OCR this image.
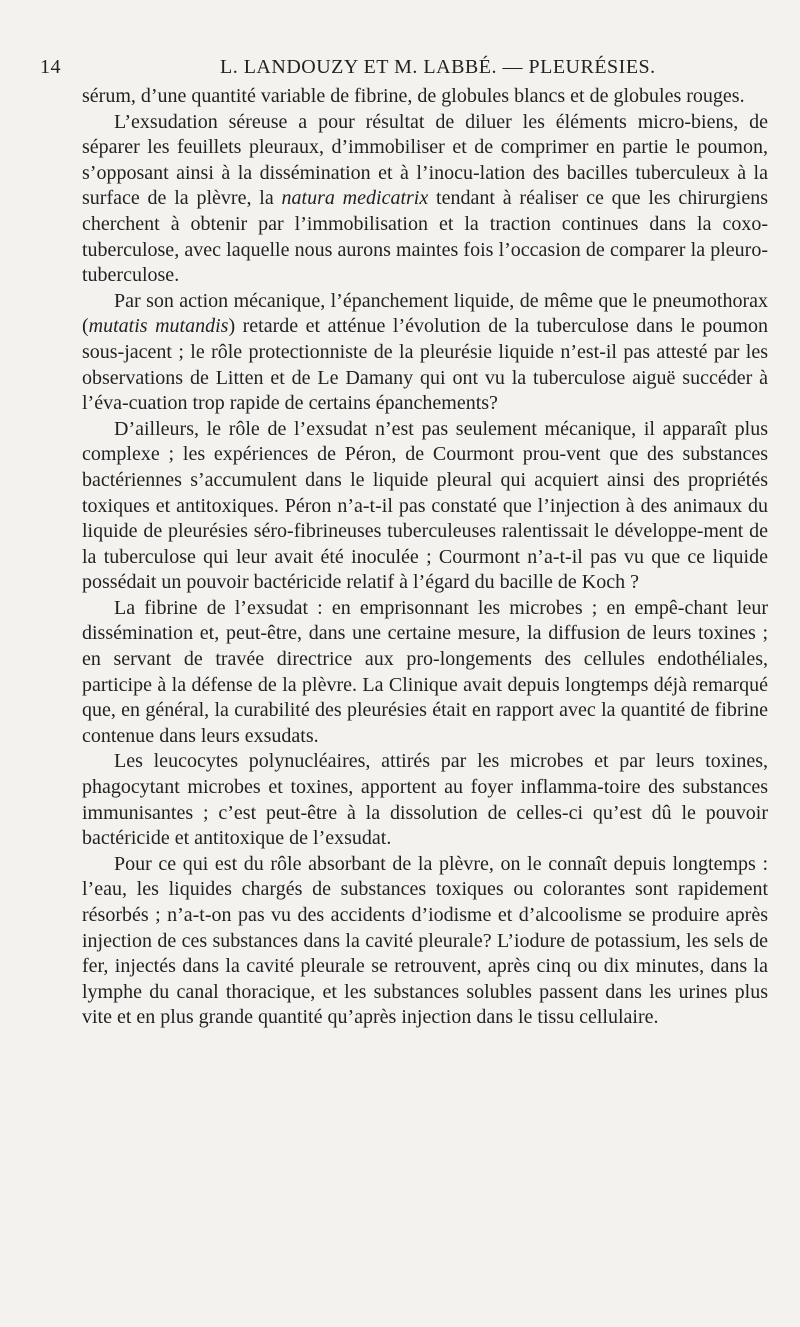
14	L. LANDOUZY ET M. LABBÉ. — PLEURÉSIES.

sérum, d’une quantité variable de fibrine, de globules blancs et de globules rouges.

L’exsudation séreuse a pour résultat de diluer les éléments micro-biens, de séparer les feuillets pleuraux, d’immobiliser et de comprimer en partie le poumon, s’opposant ainsi à la dissémination et à l’inocu-lation des bacilles tuberculeux à la surface de la plèvre, la natura medicatrix tendant à réaliser ce que les chirurgiens cherchent à obtenir par l’immobilisation et la traction continues dans la coxo-tuberculose, avec laquelle nous aurons maintes fois l’occasion de comparer la pleuro-tuberculose.

Par son action mécanique, l’épanchement liquide, de même que le pneumothorax (mutatis mutandis) retarde et atténue l’évolution de la tuberculose dans le poumon sous-jacent ; le rôle protectionniste de la pleurésie liquide n’est-il pas attesté par les observations de Litten et de Le Damany qui ont vu la tuberculose aiguë succéder à l’éva-cuation trop rapide de certains épanchements?

D’ailleurs, le rôle de l’exsudat n’est pas seulement mécanique, il apparaît plus complexe ; les expériences de Péron, de Courmont prou-vent que des substances bactériennes s’accumulent dans le liquide pleural qui acquiert ainsi des propriétés toxiques et antitoxiques. Péron n’a-t-il pas constaté que l’injection à des animaux du liquide de pleurésies séro-fibrineuses tuberculeuses ralentissait le développe-ment de la tuberculose qui leur avait été inoculée ; Courmont n’a-t-il pas vu que ce liquide possédait un pouvoir bactéricide relatif à l’égard du bacille de Koch ?

La fibrine de l’exsudat : en emprisonnant les microbes ; en empê-chant leur dissémination et, peut-être, dans une certaine mesure, la diffusion de leurs toxines ; en servant de travée directrice aux pro-longements des cellules endothéliales, participe à la défense de la plèvre. La Clinique avait depuis longtemps déjà remarqué que, en général, la curabilité des pleurésies était en rapport avec la quantité de fibrine contenue dans leurs exsudats.

Les leucocytes polynucléaires, attirés par les microbes et par leurs toxines, phagocytant microbes et toxines, apportent au foyer inflamma-toire des substances immunisantes ; c’est peut-être à la dissolution de celles-ci qu’est dû le pouvoir bactéricide et antitoxique de l’exsudat.

Pour ce qui est du rôle absorbant de la plèvre, on le connaît depuis longtemps : l’eau, les liquides chargés de substances toxiques ou colorantes sont rapidement résorbés ; n’a-t-on pas vu des accidents d’iodisme et d’alcoolisme se produire après injection de ces substances dans la cavité pleurale? L’iodure de potassium, les sels de fer, injectés dans la cavité pleurale se retrouvent, après cinq ou dix minutes, dans la lymphe du canal thoracique, et les substances solubles passent dans les urines plus vite et en plus grande quantité qu’après injection dans le tissu cellulaire.
